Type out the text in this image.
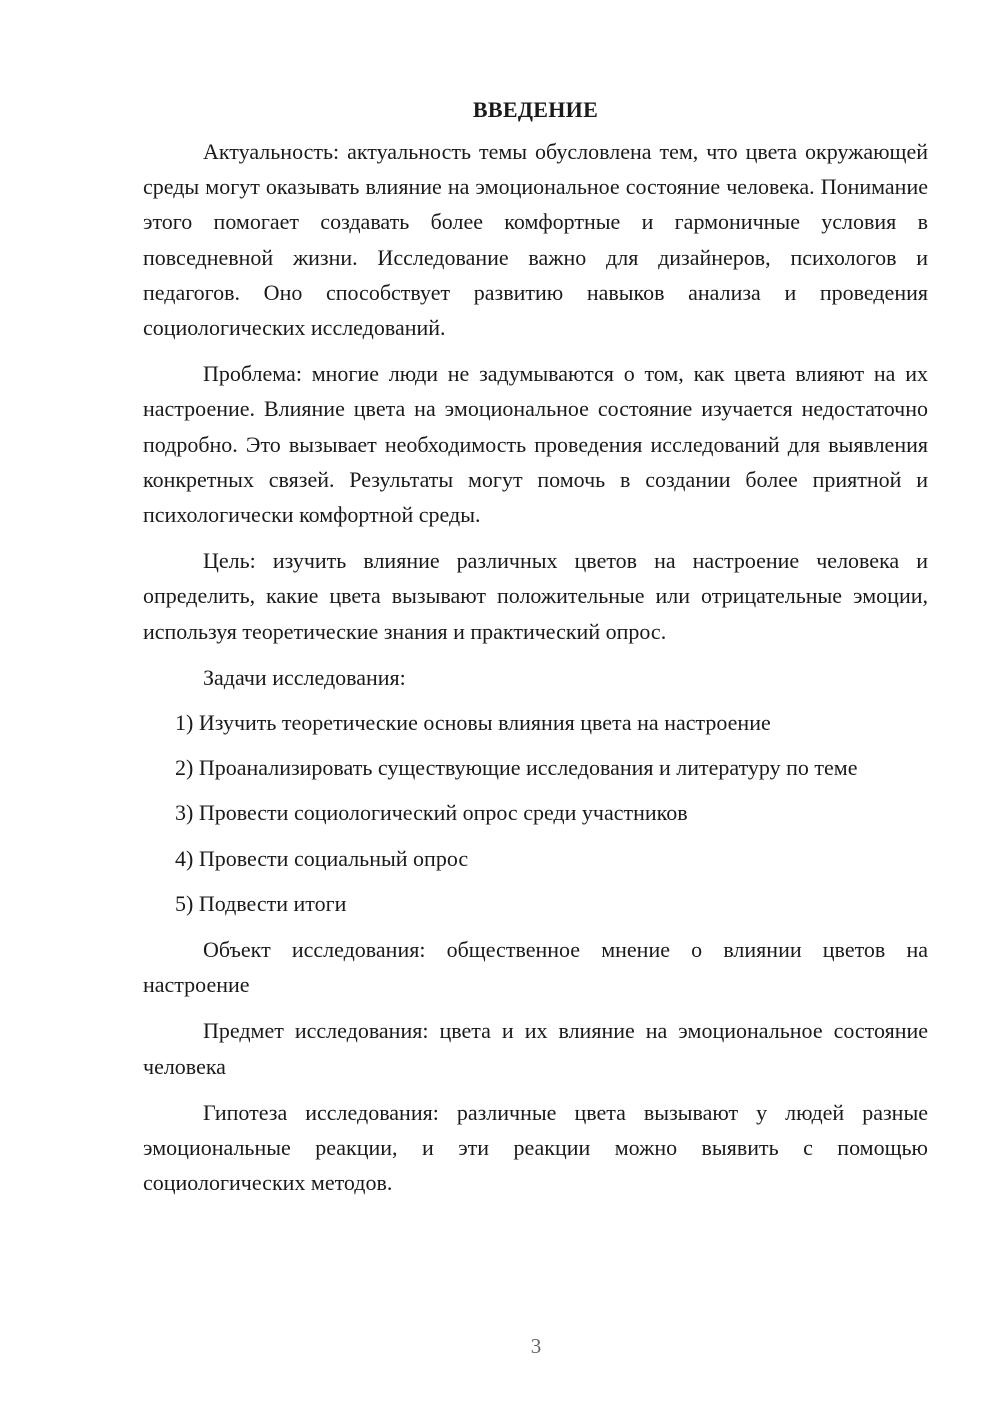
ВВЕДЕНИЕ

Актуальность: актуальность темы обусловлена тем, что цвета окружающей среды могут оказывать влияние на эмоциональное состояние человека. Понимание этого помогает создавать более комфортные и гармоничные условия в повседневной жизни. Исследование важно для дизайнеров, психологов и педагогов. Оно способствует развитию навыков анализа и проведения социологических исследований.

Проблема: многие люди не задумываются о том, как цвета влияют на их настроение. Влияние цвета на эмоциональное состояние изучается недостаточно подробно. Это вызывает необходимость проведения исследований для выявления конкретных связей. Результаты могут помочь в создании более приятной и психологически комфортной среды.

Цель: изучить влияние различных цветов на настроение человека и определить, какие цвета вызывают положительные или отрицательные эмоции, используя теоретические знания и практический опрос.

Задачи исследования:

1) Изучить теоретические основы влияния цвета на настроение

2) Проанализировать существующие исследования и литературу по теме

3) Провести социологический опрос среди участников

4) Провести социальный опрос

5) Подвести итоги

Объект исследования: общественное мнение о влиянии цветов на настроение

Предмет исследования: цвета и их влияние на эмоциональное состояние человека

Гипотеза исследования: различные цвета вызывают у людей разные эмоциональные реакции, и эти реакции можно выявить с помощью социологических методов.

3
